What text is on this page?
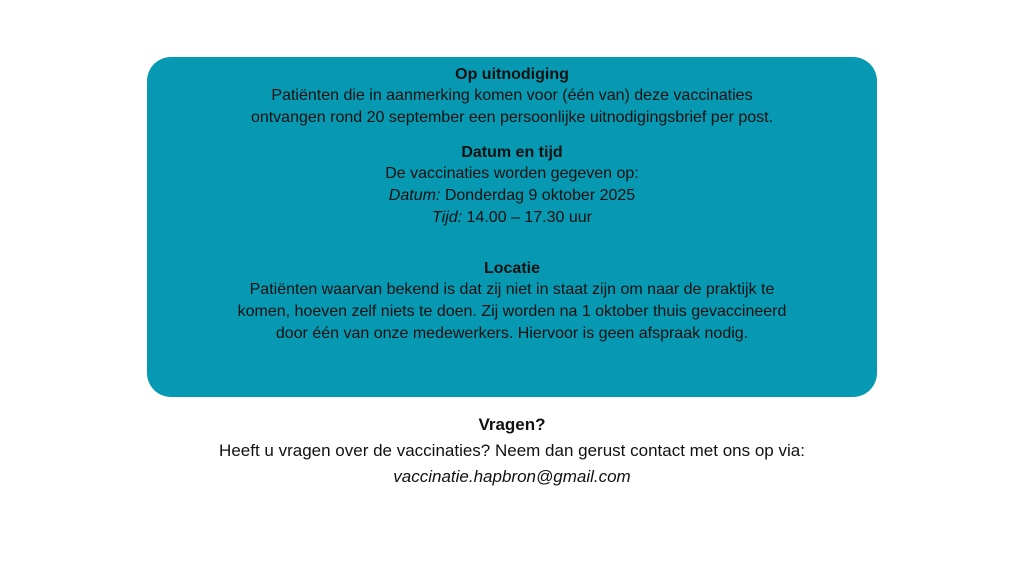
Op uitnodiging

Patiënten die in aanmerking komen voor (één van) deze vaccinaties ontvangen rond 20 september een persoonlijke uitnodigingsbrief per post.

Datum en tijd

De vaccinaties worden gegeven op:

Datum: Donderdag 9 oktober 2025

Tijd: 14.00 – 17.30 uur

Locatie

Patiënten waarvan bekend is dat zij niet in staat zijn om naar de praktijk te komen, hoeven zelf niets te doen. Zij worden na 1 oktober thuis gevaccineerd door één van onze medewerkers. Hiervoor is geen afspraak nodig.

Vragen?

Heeft u vragen over de vaccinaties? Neem dan gerust contact met ons op via:

vaccinatie.hapbron@gmail.com
